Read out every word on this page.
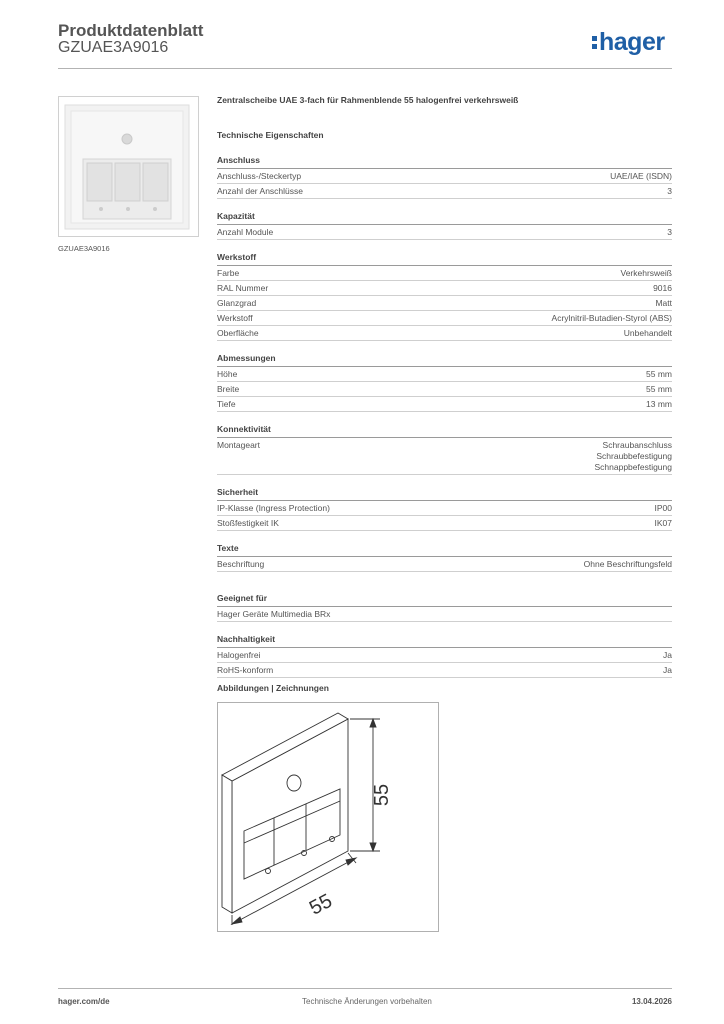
Produktdatenblatt
GZUAE3A9016	hager
GZUAE3A9016
Zentralscheibe UAE 3-fach für Rahmenblende 55 halogenfrei verkehrsweiß
Technische Eigenschaften
Anschluss
Anschluss-/Steckertyp	UAE/IAE (ISDN)
Anzahl der Anschlüsse	3
Kapazität
Anzahl Module	3
Werkstoff
Farbe	Verkehrsweiß
RAL Nummer	9016
Glanzgrad	Matt
Werkstoff	Acrylnitril-Butadien-Styrol (ABS)
Oberfläche	Unbehandelt
Abmessungen
Höhe	55 mm
Breite	55 mm
Tiefe	13 mm
Konnektivität
Montageart	Schraubanschluss
Schraubbefestigung
Schnappbefestigung
Sicherheit
IP-Klasse (Ingress Protection)	IP00
Stoßfestigkeit IK	IK07
Texte
Beschriftung	Ohne Beschriftungsfeld
Geeignet für
Hager Geräte Multimedia BRx
Nachhaltigkeit
Halogenfrei	Ja
RoHS-konform	Ja
Abbildungen | Zeichnungen
55
55
hager.com/de	Technische Änderungen vorbehalten	13.04.2026
